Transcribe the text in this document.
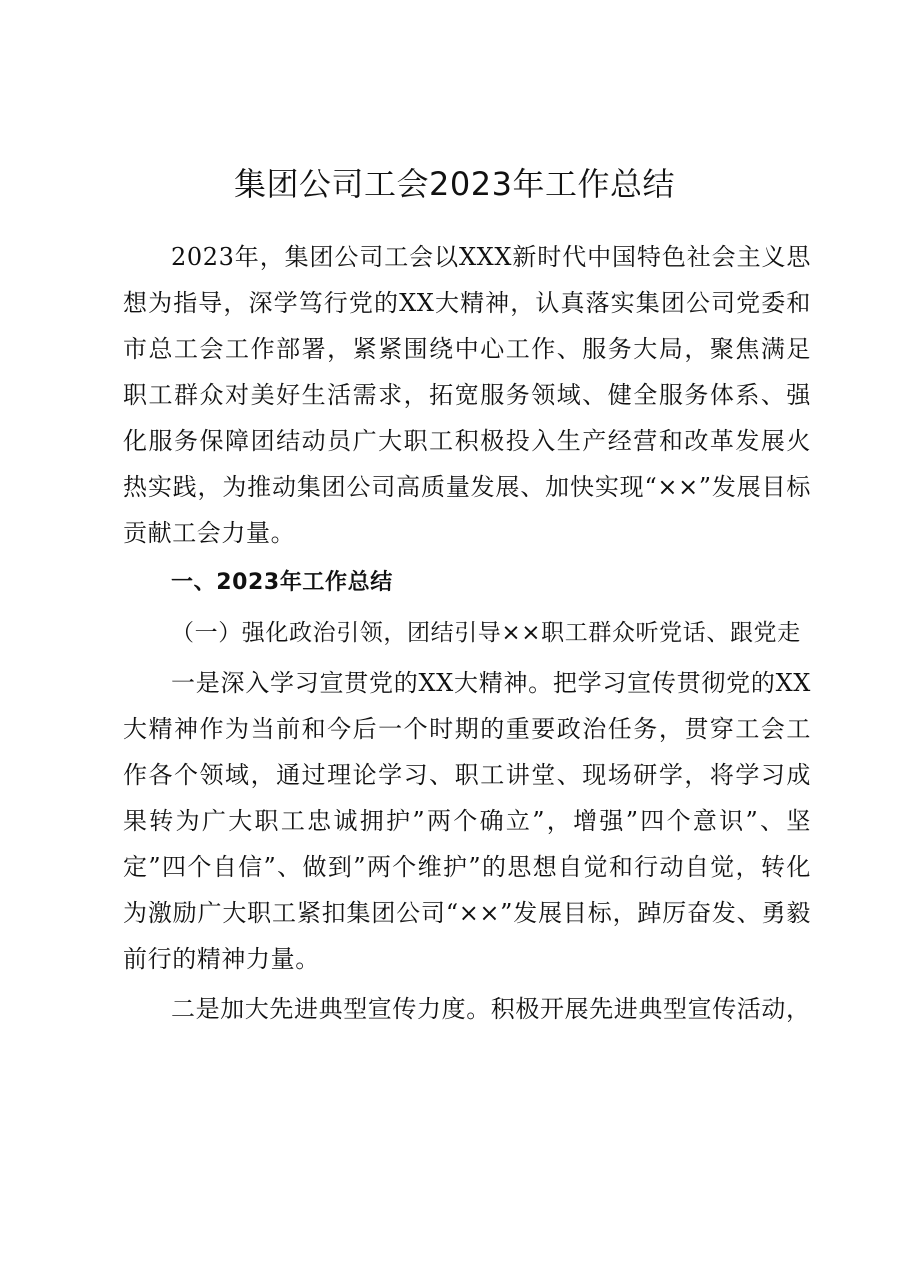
集团公司工会2023年工作总结

2023年，集团公司工会以XXX新时代中国特色社会主义思想为指导，深学笃行党的XX大精神，认真落实集团公司党委和市总工会工作部署，紧紧围绕中心工作、服务大局，聚焦满足职工群众对美好生活需求，拓宽服务领域、健全服务体系、强化服务保障团结动员广大职工积极投入生产经营和改革发展火热实践，为推动集团公司高质量发展、加快实现“××”发展目标贡献工会力量。

一、2023年工作总结

（一）强化政治引领，团结引导××职工群众听党话、跟党走

一是深入学习宣贯党的XX大精神。把学习宣传贯彻党的XX大精神作为当前和今后一个时期的重要政治任务，贯穿工会工作各个领域，通过理论学习、职工讲堂、现场研学，将学习成果转为广大职工忠诚拥护”两个确立”，增强”四个意识”、坚定”四个自信”、做到”两个维护”的思想自觉和行动自觉，转化为激励广大职工紧扣集团公司“××”发展目标，踔厉奋发、勇毅前行的精神力量。

二是加大先进典型宣传力度。积极开展先进典型宣传活动，
